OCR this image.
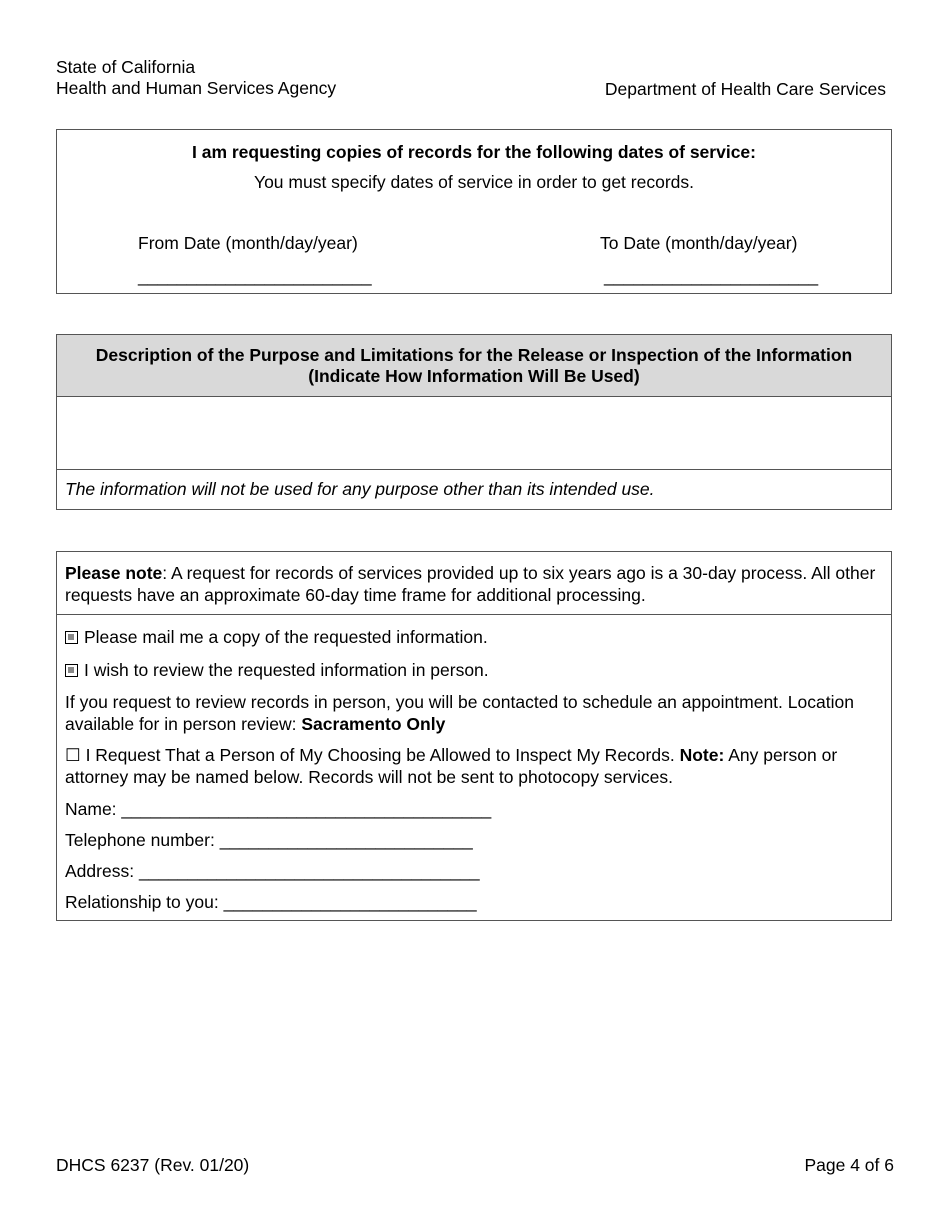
State of California
Health and Human Services Agency	Department of Health Care Services
I am requesting copies of records for the following dates of service:
You must specify dates of service in order to get records.
From Date (month/day/year)
________________________
To Date (month/day/year)
______________________
Description of the Purpose and Limitations for the Release or Inspection of the Information
(Indicate How Information Will Be Used)
The information will not be used for any purpose other than its intended use.
Please note: A request for records of services provided up to six years ago is a 30-day process. All other requests have an approximate 60-day time frame for additional processing.
Please mail me a copy of the requested information.
I wish to review the requested information in person.
If you request to review records in person, you will be contacted to schedule an appointment. Location available for in person review: Sacramento Only
☐ I Request That a Person of My Choosing be Allowed to Inspect My Records. Note: Any person or attorney may be named below. Records will not be sent to photocopy services.
Name: ______________________________________
Telephone number: __________________________
Address: ___________________________________
Relationship to you: __________________________
DHCS 6237 (Rev. 01/20)	Page 4 of 6
